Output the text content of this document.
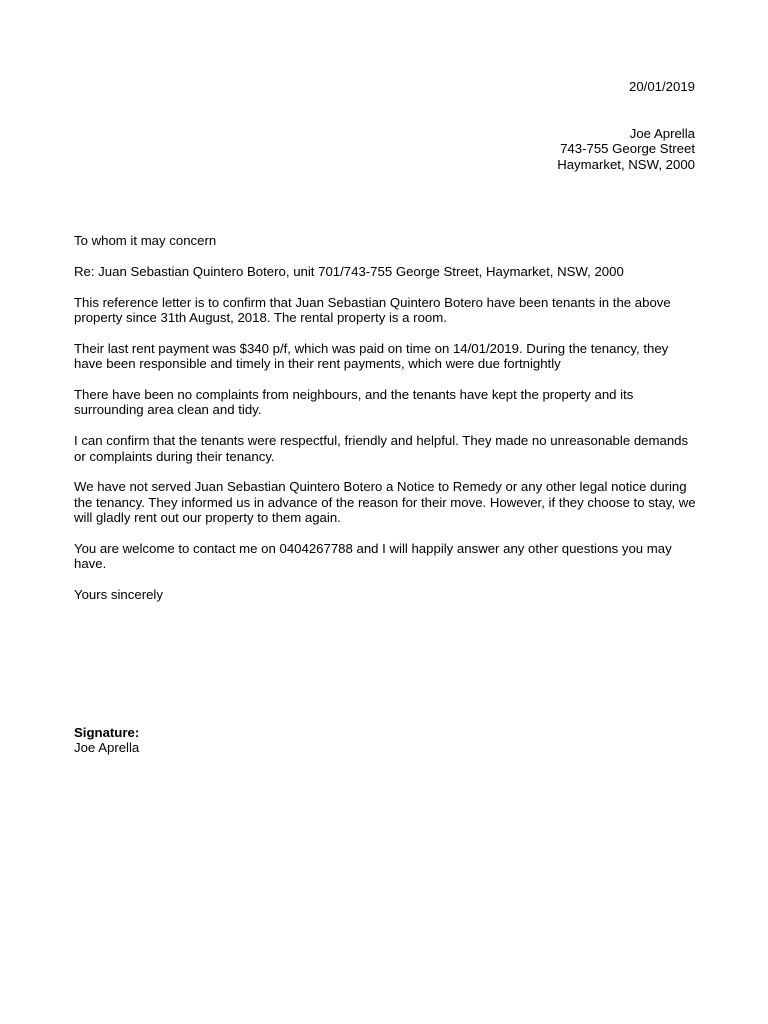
20/01/2019
Joe Aprella
743-755 George Street
Haymarket, NSW, 2000

To whom it may concern

Re: Juan Sebastian Quintero Botero, unit 701/743-755 George Street, Haymarket, NSW, 2000

This reference letter is to confirm that Juan Sebastian Quintero Botero have been tenants in the above property since 31th August, 2018. The rental property is a room.

Their last rent payment was $340 p/f, which was paid on time on 14/01/2019. During the tenancy, they have been responsible and timely in their rent payments, which were due fortnightly

There have been no complaints from neighbours, and the tenants have kept the property and its surrounding area clean and tidy.

I can confirm that the tenants were respectful, friendly and helpful. They made no unreasonable demands or complaints during their tenancy.

We have not served Juan Sebastian Quintero Botero a Notice to Remedy or any other legal notice during the tenancy. They informed us in advance of the reason for their move. However, if they choose to stay, we will gladly rent out our property to them again.

You are welcome to contact me on 0404267788 and I will happily answer any other questions you may have.

Yours sincerely

Signature:
Joe Aprella
